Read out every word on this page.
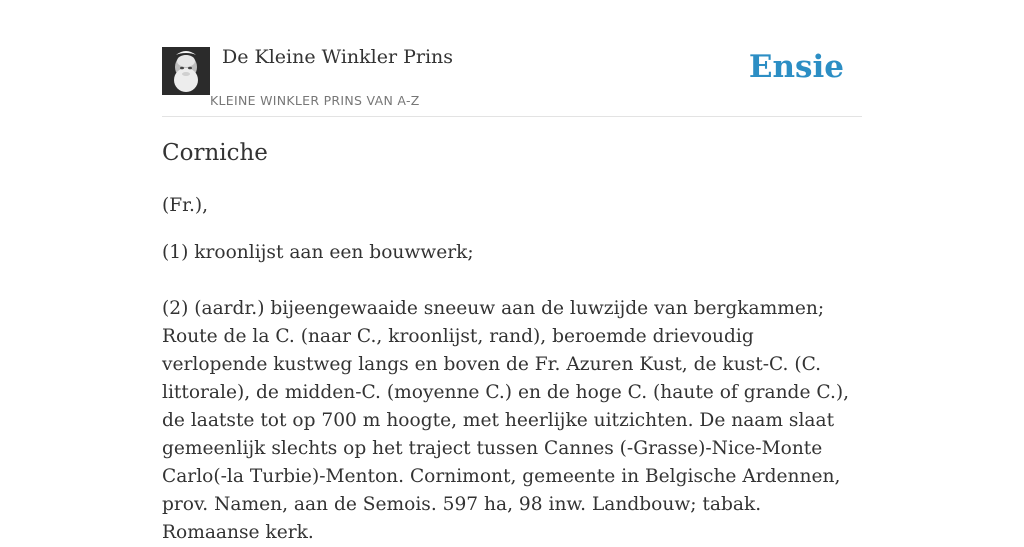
De Kleine Winkler Prins
KLEINE WINKLER PRINS VAN A-Z
Ensie
Corniche

(Fr.),

(1) kroonlijst aan een bouwwerk;

(2) (aardr.) bijeengewaaide sneeuw aan de luwzijde van bergkammen; Route de la C. (naar C., kroonlijst, rand), beroemde drievoudig verlopende kustweg langs en boven de Fr. Azuren Kust, de kust-C. (C. littorale), de midden-C. (moyenne C.) en de hoge C. (haute of grande C.), de laatste tot op 700 m hoogte, met heerlijke uitzichten. De naam slaat gemeenlijk slechts op het traject tussen Cannes (-Grasse)-Nice-Monte Carlo(-la Turbie)-Menton. Cornimont, gemeente in Belgische Ardennen, prov. Namen, aan de Semois. 597 ha, 98 inw. Landbouw; tabak. Romaanse kerk.
